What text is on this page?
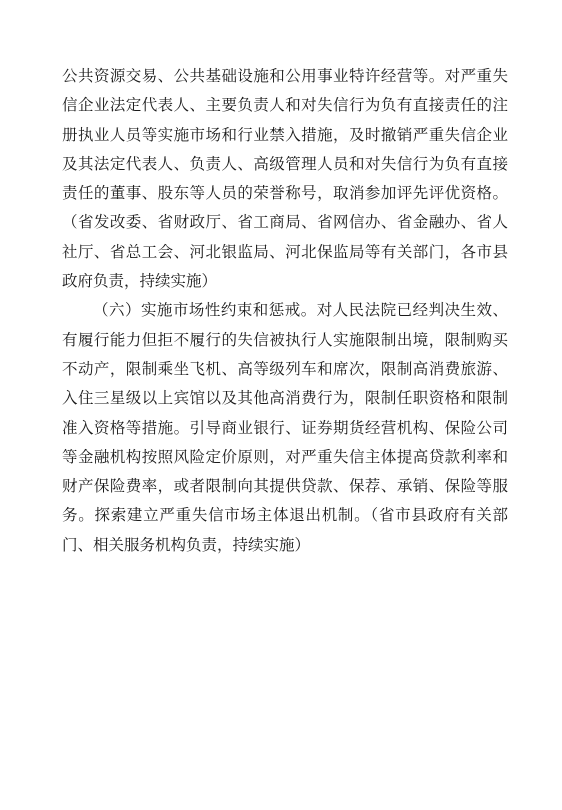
公共资源交易、公共基础设施和公用事业特许经营等。对严重失
信企业法定代表人、主要负责人和对失信行为负有直接责任的注
册执业人员等实施市场和行业禁入措施，及时撤销严重失信企业
及其法定代表人、负责人、高级管理人员和对失信行为负有直接
责任的董事、股东等人员的荣誉称号，取消参加评先评优资格。
（省发改委、省财政厅、省工商局、省网信办、省金融办、省人
社厅、省总工会、河北银监局、河北保监局等有关部门，各市县
政府负责，持续实施）
（六）实施市场性约束和惩戒。对人民法院已经判决生效、
有履行能力但拒不履行的失信被执行人实施限制出境，限制购买
不动产，限制乘坐飞机、高等级列车和席次，限制高消费旅游、
入住三星级以上宾馆以及其他高消费行为，限制任职资格和限制
准入资格等措施。引导商业银行、证券期货经营机构、保险公司
等金融机构按照风险定价原则，对严重失信主体提高贷款利率和
财产保险费率，或者限制向其提供贷款、保荐、承销、保险等服
务。探索建立严重失信市场主体退出机制。（省市县政府有关部
门、相关服务机构负责，持续实施）
